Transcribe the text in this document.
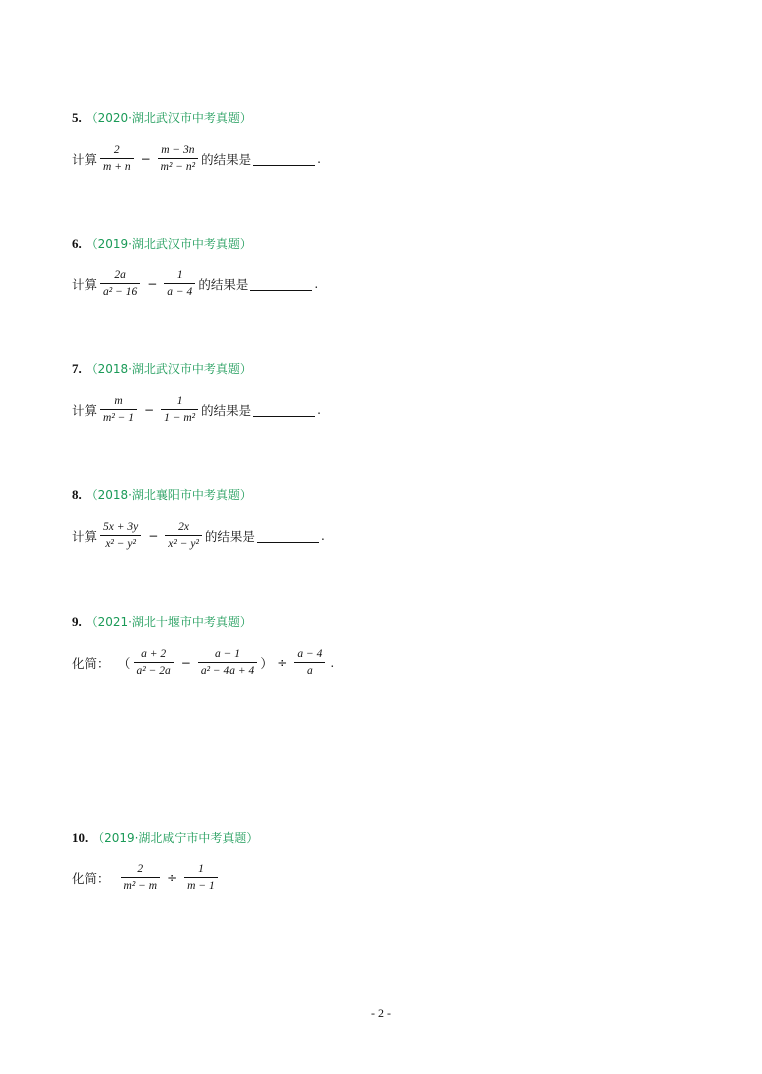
5. （2020·湖北武汉市中考真题）
计算 $\frac{2}{m + n} - \frac{m - 3n}{\text{m² − n²}}$ 的结果是	.
6. （2019·湖北武汉市中考真题）
计算 $\frac{2a}{\text{a² − 16}} - \frac{1}{a - 4}$ 的结果是	.
7. （2018·湖北武汉市中考真题）
计算 $\frac{m}{\text{m² − 1}} - \frac{1}{\text{1 − m²}}$ 的结果是	.
8. （2018·湖北襄阳市中考真题）
计算 $\frac{5x + 3y}{\text{x² − y²}} - \frac{2x}{\text{x² − y²}}$ 的结果是	.
9. （2021·湖北十堰市中考真题）
化简： （ $\frac{a + 2}{\text{a² − 2a}} - \frac{a - 1}{\text{a² − 4a + 4}}$ ） ÷ $\frac{a - 4}{a}$ .
10. （2019·湖北咸宁市中考真题）
化简： $\frac{2}{\text{m² − m}} \div \frac{1}{m - 1}$
- 2 -
